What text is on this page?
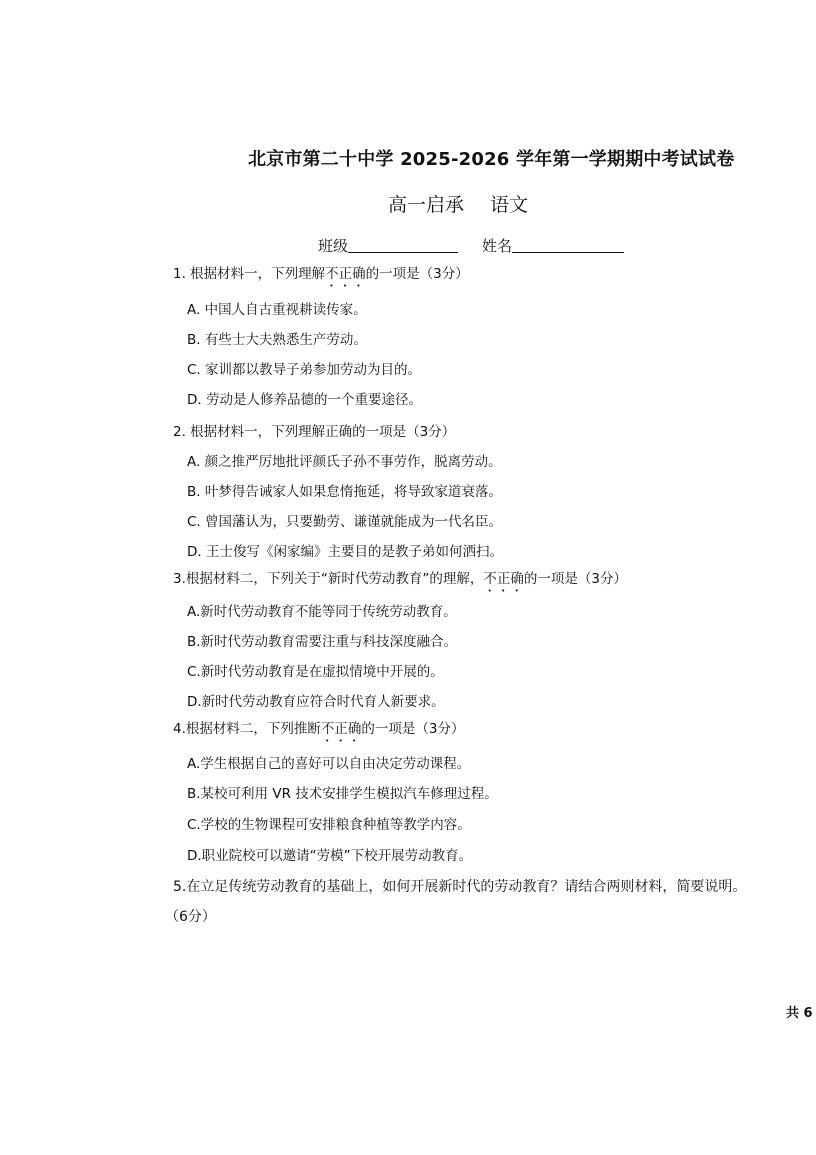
北京市第二十中学 2025-2026 学年第一学期期中考试试卷
高一启承 语文
班级	姓名
1. 根据材料一，下列理解不正确的一项是（3分）
A. 中国人自古重视耕读传家。
B. 有些士大夫熟悉生产劳动。
C. 家训都以教导子弟参加劳动为目的。
D. 劳动是人修养品德的一个重要途径。
2. 根据材料一，下列理解正确的一项是（3分）
A. 颜之推严厉地批评颜氏子孙不事劳作，脱离劳动。
B. 叶梦得告诫家人如果怠惰拖延，将导致家道衰落。
C. 曾国藩认为，只要勤劳、谦谨就能成为一代名臣。
D. 王士俊写《闲家编》主要目的是教子弟如何洒扫。
3.根据材料二，下列关于“新时代劳动教育”的理解，不正确的一项是（3分）
A.新时代劳动教育不能等同于传统劳动教育。
B.新时代劳动教育需要注重与科技深度融合。
C.新时代劳动教育是在虚拟情境中开展的。
D.新时代劳动教育应符合时代育人新要求。
4.根据材料二，下列推断不正确的一项是（3分）
A.学生根据自己的喜好可以自由决定劳动课程。
B.某校可利用 VR 技术安排学生模拟汽车修理过程。
C.学校的生物课程可安排粮食种植等教学内容。
D.职业院校可以邀请“劳模”下校开展劳动教育。
5.在立足传统劳动教育的基础上，如何开展新时代的劳动教育？请结合两则材料，简要说明。
（6分）
共 6
